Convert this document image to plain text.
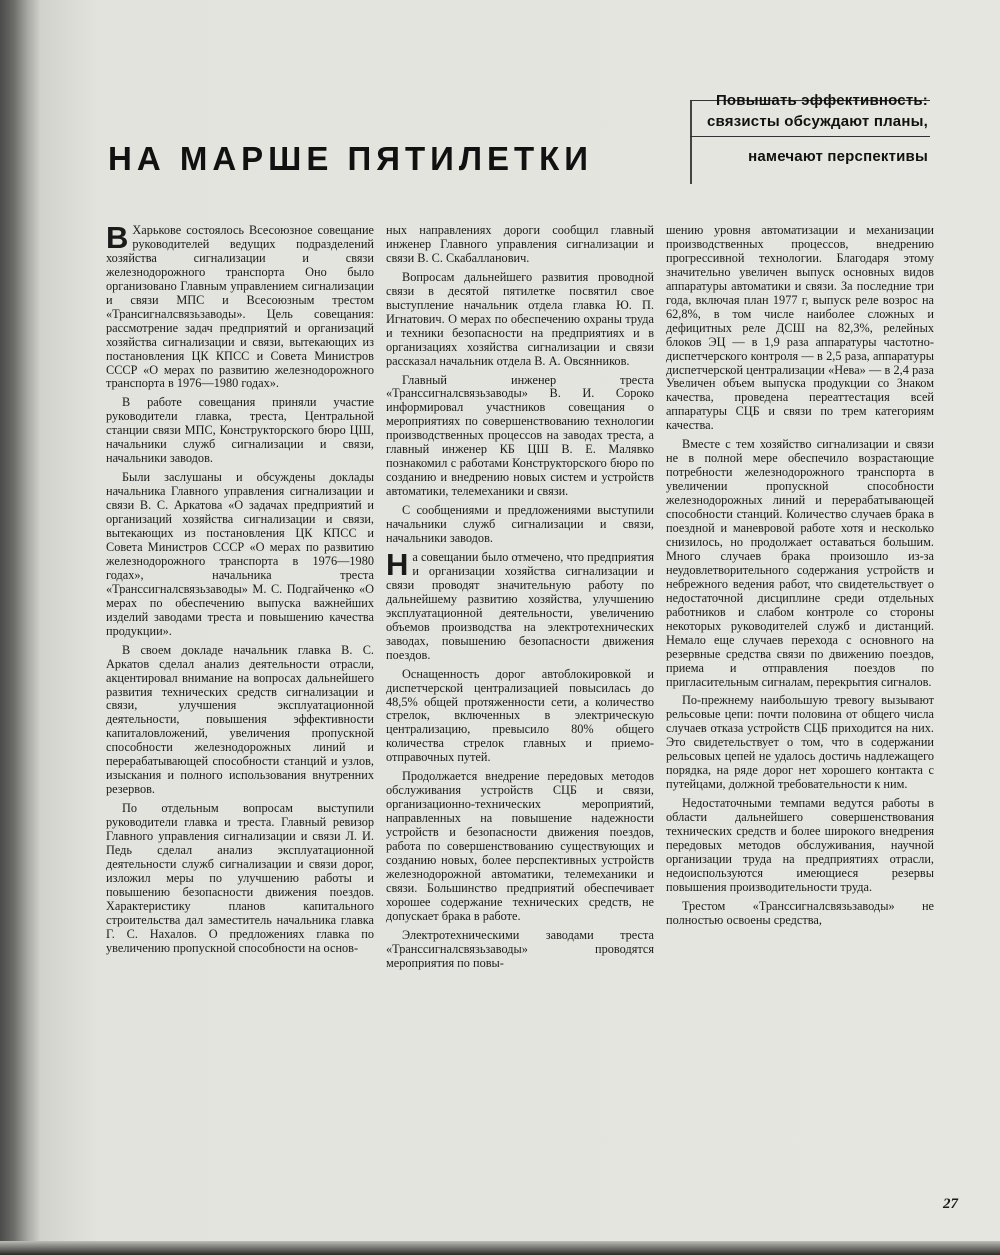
Повышать эффективность:
связисты обсуждают планы,
намечают перспективы
НА МАРШЕ ПЯТИЛЕТКИ

В Харькове состоялось Всесоюзное совещание руководителей ведущих подразделений хозяйства сигнализации и связи железнодорожного транспорта Оно было организовано Главным управлением сигнализации и связи МПС и Всесоюзным трестом «Трансигналсвязьзаводы». Цель совещания: рассмотрение задач предприятий и организаций хозяйства сигнализации и связи, вытекающих из постановления ЦК КПСС и Совета Министров СССР «О мерах по развитию железнодорожного транспорта в 1976—1980 годах».

В работе совещания приняли участие руководители главка, треста, Центральной станции связи МПС, Конструкторского бюро ЦШ, начальники служб сигнализации и связи, начальники заводов.

Были заслушаны и обсуждены доклады начальника Главного управления сигнализации и связи В. С. Аркатова «О задачах предприятий и организаций хозяйства сигнализации и связи, вытекающих из постановления ЦК КПСС и Совета Министров СССР «О мерах по развитию железнодорожного транспорта в 1976—1980 годах», начальника треста «Транссигналсвязьзаводы» М. С. Подгайченко «О мерах по обеспечению выпуска важнейших изделий заводами треста и повышению качества продукции».

В своем докладе начальник главка В. С. Аркатов сделал анализ деятельности отрасли, акцентировал внимание на вопросах дальнейшего развития технических средств сигнализации и связи, улучшения эксплуатационной деятельности, повышения эффективности капиталовложений, увеличения пропускной способности железнодорожных линий и перерабатывающей способности станций и узлов, изыскания и полного использования внутренних резервов.

По отдельным вопросам выступили руководители главка и треста. Главный ревизор Главного управления сигнализации и связи Л. И. Педь сделал анализ эксплуатационной деятельности служб сигнализации и связи дорог, изложил меры по улучшению работы и повышению безопасности движения поездов. Характеристику планов капитального строительства дал заместитель начальника главка Г. С. Нахалов. О предложениях главка по увеличению пропускной способности на основ-

ных направлениях дороги сообщил главный инженер Главного управления сигнализации и связи В. С. Скабалланович.

Вопросам дальнейшего развития проводной связи в десятой пятилетке посвятил свое выступление начальник отдела главка Ю. П. Игнатович. О мерах по обеспечению охраны труда и техники безопасности на предприятиях и в организациях хозяйства сигнализации и связи рассказал начальник отдела В. А. Овсянников.

Главный инженер треста «Транссигналсвязьзаводы» В. И. Сороко информировал участников совещания о мероприятиях по совершенствованию технологии производственных процессов на заводах треста, а главный инженер КБ ЦШ В. Е. Малявко познакомил с работами Конструкторского бюро по созданию и внедрению новых систем и устройств автоматики, телемеханики и связи.

С сообщениями и предложениями выступили начальники служб сигнализации и связи, начальники заводов.

На совещании было отмечено, что предприятия и организации хозяйства сигнализации и связи проводят значительную работу по дальнейшему развитию хозяйства, улучшению эксплуатационной деятельности, увеличению объемов производства на электротехнических заводах, повышению безопасности движения поездов.

Оснащенность дорог автоблокировкой и диспетчерской централизацией повысилась до 48,5% общей протяженности сети, а количество стрелок, включенных в электрическую централизацию, превысило 80% общего количества стрелок главных и приемо-отправочных путей.

Продолжается внедрение передовых методов обслуживания устройств СЦБ и связи, организационно-технических мероприятий, направленных на повышение надежности устройств и безопасности движения поездов, работа по совершенствованию существующих и созданию новых, более перспективных устройств железнодорожной автоматики, телемеханики и связи. Большинство предприятий обеспечивает хорошее содержание технических средств, не допускает брака в работе.

Электротехническими заводами треста «Транссигналсвязьзаводы» проводятся мероприятия по повы-

шению уровня автоматизации и механизации производственных процессов, внедрению прогрессивной технологии. Благодаря этому значительно увеличен выпуск основных видов аппаратуры автоматики и связи. За последние три года, включая план 1977 г, выпуск реле возрос на 62,8%, в том числе наиболее сложных и дефицитных реле ДСШ на 82,3%, релейных блоков ЭЦ — в 1,9 раза аппаратуры частотно-диспетчерского контроля — в 2,5 раза, аппаратуры диспетчерской централизации «Нева» — в 2,4 раза Увеличен объем выпуска продукции со Знаком качества, проведена переаттестация всей аппаратуры СЦБ и связи по трем категориям качества.

Вместе с тем хозяйство сигнализации и связи не в полной мере обеспечило возрастающие потребности железнодорожного транспорта в увеличении пропускной способности железнодорожных линий и перерабатывающей способности станций. Количество случаев брака в поездной и маневровой работе хотя и несколько снизилось, но продолжает оставаться большим. Много случаев брака произошло из-за неудовлетворительного содержания устройств и небрежного ведения работ, что свидетельствует о недостаточной дисциплине среди отдельных работников и слабом контроле со стороны некоторых руководителей служб и дистанций. Немало еще случаев перехода с основного на резервные средства связи по движению поездов, приема и отправления поездов по пригласительным сигналам, перекрытия сигналов.

По-прежнему наибольшую тревогу вызывают рельсовые цепи: почти половина от общего числа случаев отказа устройств СЦБ приходится на них. Это свидетельствует о том, что в содержании рельсовых цепей не удалось достичь надлежащего порядка, на ряде дорог нет хорошего контакта с путейцами, должной требовательности к ним.

Недостаточными темпами ведутся работы в области дальнейшего совершенствования технических средств и более широкого внедрения передовых методов обслуживания, научной организации труда на предприятиях отрасли, недоиспользуются имеющиеся резервы повышения производительности труда.

Трестом «Транссигналсвязьзаводы» не полностью освоены средства,

27
